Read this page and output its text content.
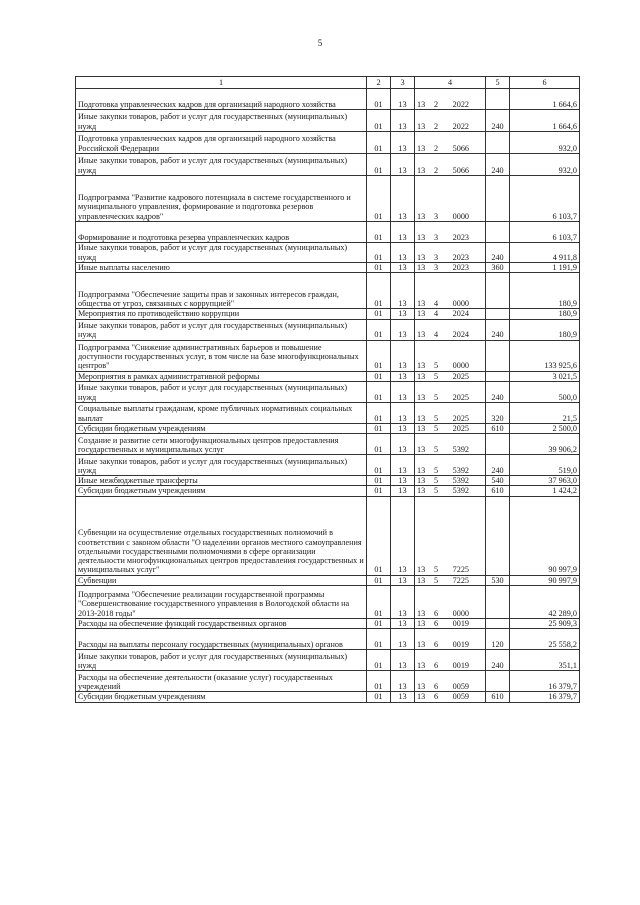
5
1	2	3	4	5	6
Подготовка управленческих кадров для организаций народного хозяйства	01	13	13 2 2022		1 664,6
Иные закупки товаров, работ и услуг для государственных (муниципальных) нужд	01	13	13 2 2022	240	1 664,6
Подготовка управленческих кадров для организаций народного хозяйства Российской Федерации	01	13	13 2 5066		932,0
Иные закупки товаров, работ и услуг для государственных (муниципальных) нужд	01	13	13 2 5066	240	932,0
Подпрограмма "Развитие кадрового потенциала в системе государственного и муниципального управления, формирование и подготовка резервов управленческих кадров"	01	13	13 3 0000		6 103,7
Формирование и подготовка резерва управленческих кадров	01	13	13 3 2023		6 103,7
Иные закупки товаров, работ и услуг для государственных (муниципальных) нужд	01	13	13 3 2023	240	4 911,8
Иные выплаты населению	01	13	13 3 2023	360	1 191,9
Подпрограмма "Обеспечение защиты прав и законных интересов граждан, общества от угроз, связанных с коррупцией"	01	13	13 4 0000		180,9
Мероприятия по противодействию коррупции	01	13	13 4 2024		180,9
Иные закупки товаров, работ и услуг для государственных (муниципальных) нужд	01	13	13 4 2024	240	180,9
Подпрограмма "Снижение административных барьеров и повышение доступности государственных услуг, в том числе на базе многофункциональных центров"	01	13	13 5 0000		133 925,6
Мероприятия в рамках административной реформы	01	13	13 5 2025		3 021,5
Иные закупки товаров, работ и услуг для государственных (муниципальных) нужд	01	13	13 5 2025	240	500,0
Социальные выплаты гражданам, кроме публичных нормативных социальных выплат	01	13	13 5 2025	320	21,5
Субсидии бюджетным учреждениям	01	13	13 5 2025	610	2 500,0
Создание и развитие сети многофункциональных центров предоставления государственных и муниципальных услуг	01	13	13 5 5392		39 906,2
Иные закупки товаров, работ и услуг для государственных (муниципальных) нужд	01	13	13 5 5392	240	519,0
Иные межбюджетные трансферты	01	13	13 5 5392	540	37 963,0
Субсидии бюджетным учреждениям	01	13	13 5 5392	610	1 424,2
Субвенции на осуществление отдельных государственных полномочий в соответствии с законом области "О наделении органов местного самоуправления отдельными государственными полномочиями в сфере организации деятельности многофункциональных центров предоставления государственных и муниципальных услуг"	01	13	13 5 7225		90 997,9
Субвенции	01	13	13 5 7225	530	90 997,9
Подпрограмма "Обеспечение реализации государственной программы "Совершенствование государственного управления в Вологодской области на 2013-2018 годы"	01	13	13 6 0000		42 289,0
Расходы на обеспечение функций государственных органов	01	13	13 6 0019		25 909,3
Расходы на выплаты персоналу государственных (муниципальных) органов	01	13	13 6 0019	120	25 558,2
Иные закупки товаров, работ и услуг для государственных (муниципальных) нужд	01	13	13 6 0019	240	351,1
Расходы на обеспечение деятельности (оказание услуг) государственных учреждений	01	13	13 6 0059		16 379,7
Субсидии бюджетным учреждениям	01	13	13 6 0059	610	16 379,7
